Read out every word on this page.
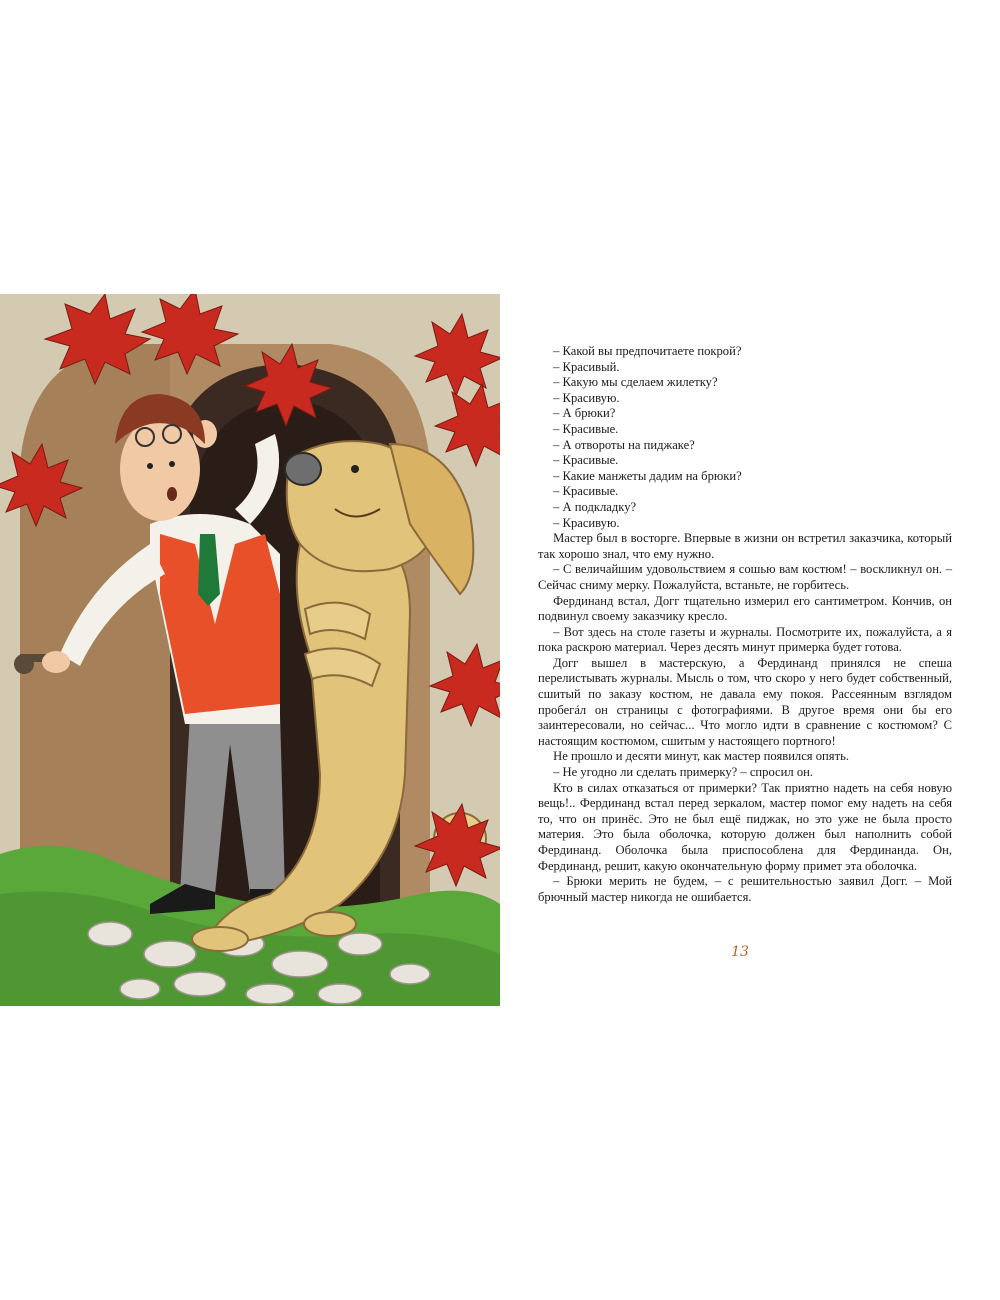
– Какой вы предпочитаете покрой?

– Красивый.

– Какую мы сделаем жилетку?

– Красивую.

– А брюки?

– Красивые.

– А отвороты на пиджаке?

– Красивые.

– Какие манжеты дадим на брюки?

– Красивые.

– А подкладку?

– Красивую.

Мастер был в восторге. Впервые в жизни он встретил заказчика, который так хорошо знал, что ему нужно.

– С величайшим удовольствием я сошью вам костюм! – воскликнул он. – Сейчас сниму мерку. Пожалуйста, встаньте, не горбитесь.

Фердинанд встал, Догг тщательно измерил его сантиметром. Кончив, он подвинул своему заказчику кресло.

– Вот здесь на столе газеты и журналы. Посмотрите их, пожалуйста, а я пока раскрою материал. Через десять минут примерка будет готова.

Догг вышел в мастерскую, а Фердинанд принялся не спеша перелистывать журналы. Мысль о том, что скоро у него будет собственный, сшитый по заказу костюм, не давала ему покоя. Рассеянным взглядом пробегáл он страницы с фотографиями. В другое время они бы его заинтересовали, но сейчас... Что могло идти в сравнение с костюмом? С настоящим костюмом, сшитым у настоящего портного!

Не прошло и десяти минут, как мастер появился опять.

– Не угодно ли сделать примерку? – спросил он.

Кто в силах отказаться от примерки? Так приятно надеть на себя новую вещь!.. Фердинанд встал перед зеркалом, мастер помог ему надеть на себя то, что он принёс. Это не был ещё пиджак, но это уже не была просто материя. Это была оболочка, которую должен был наполнить собой Фердинанд. Оболочка была приспособлена для Фердинанда. Он, Фердинанд, решит, какую окончательную форму примет эта оболочка.

– Брюки мерить не будем, – с решительностью заявил Догг. – Мой брючный мастер никогда не ошибается.

13
